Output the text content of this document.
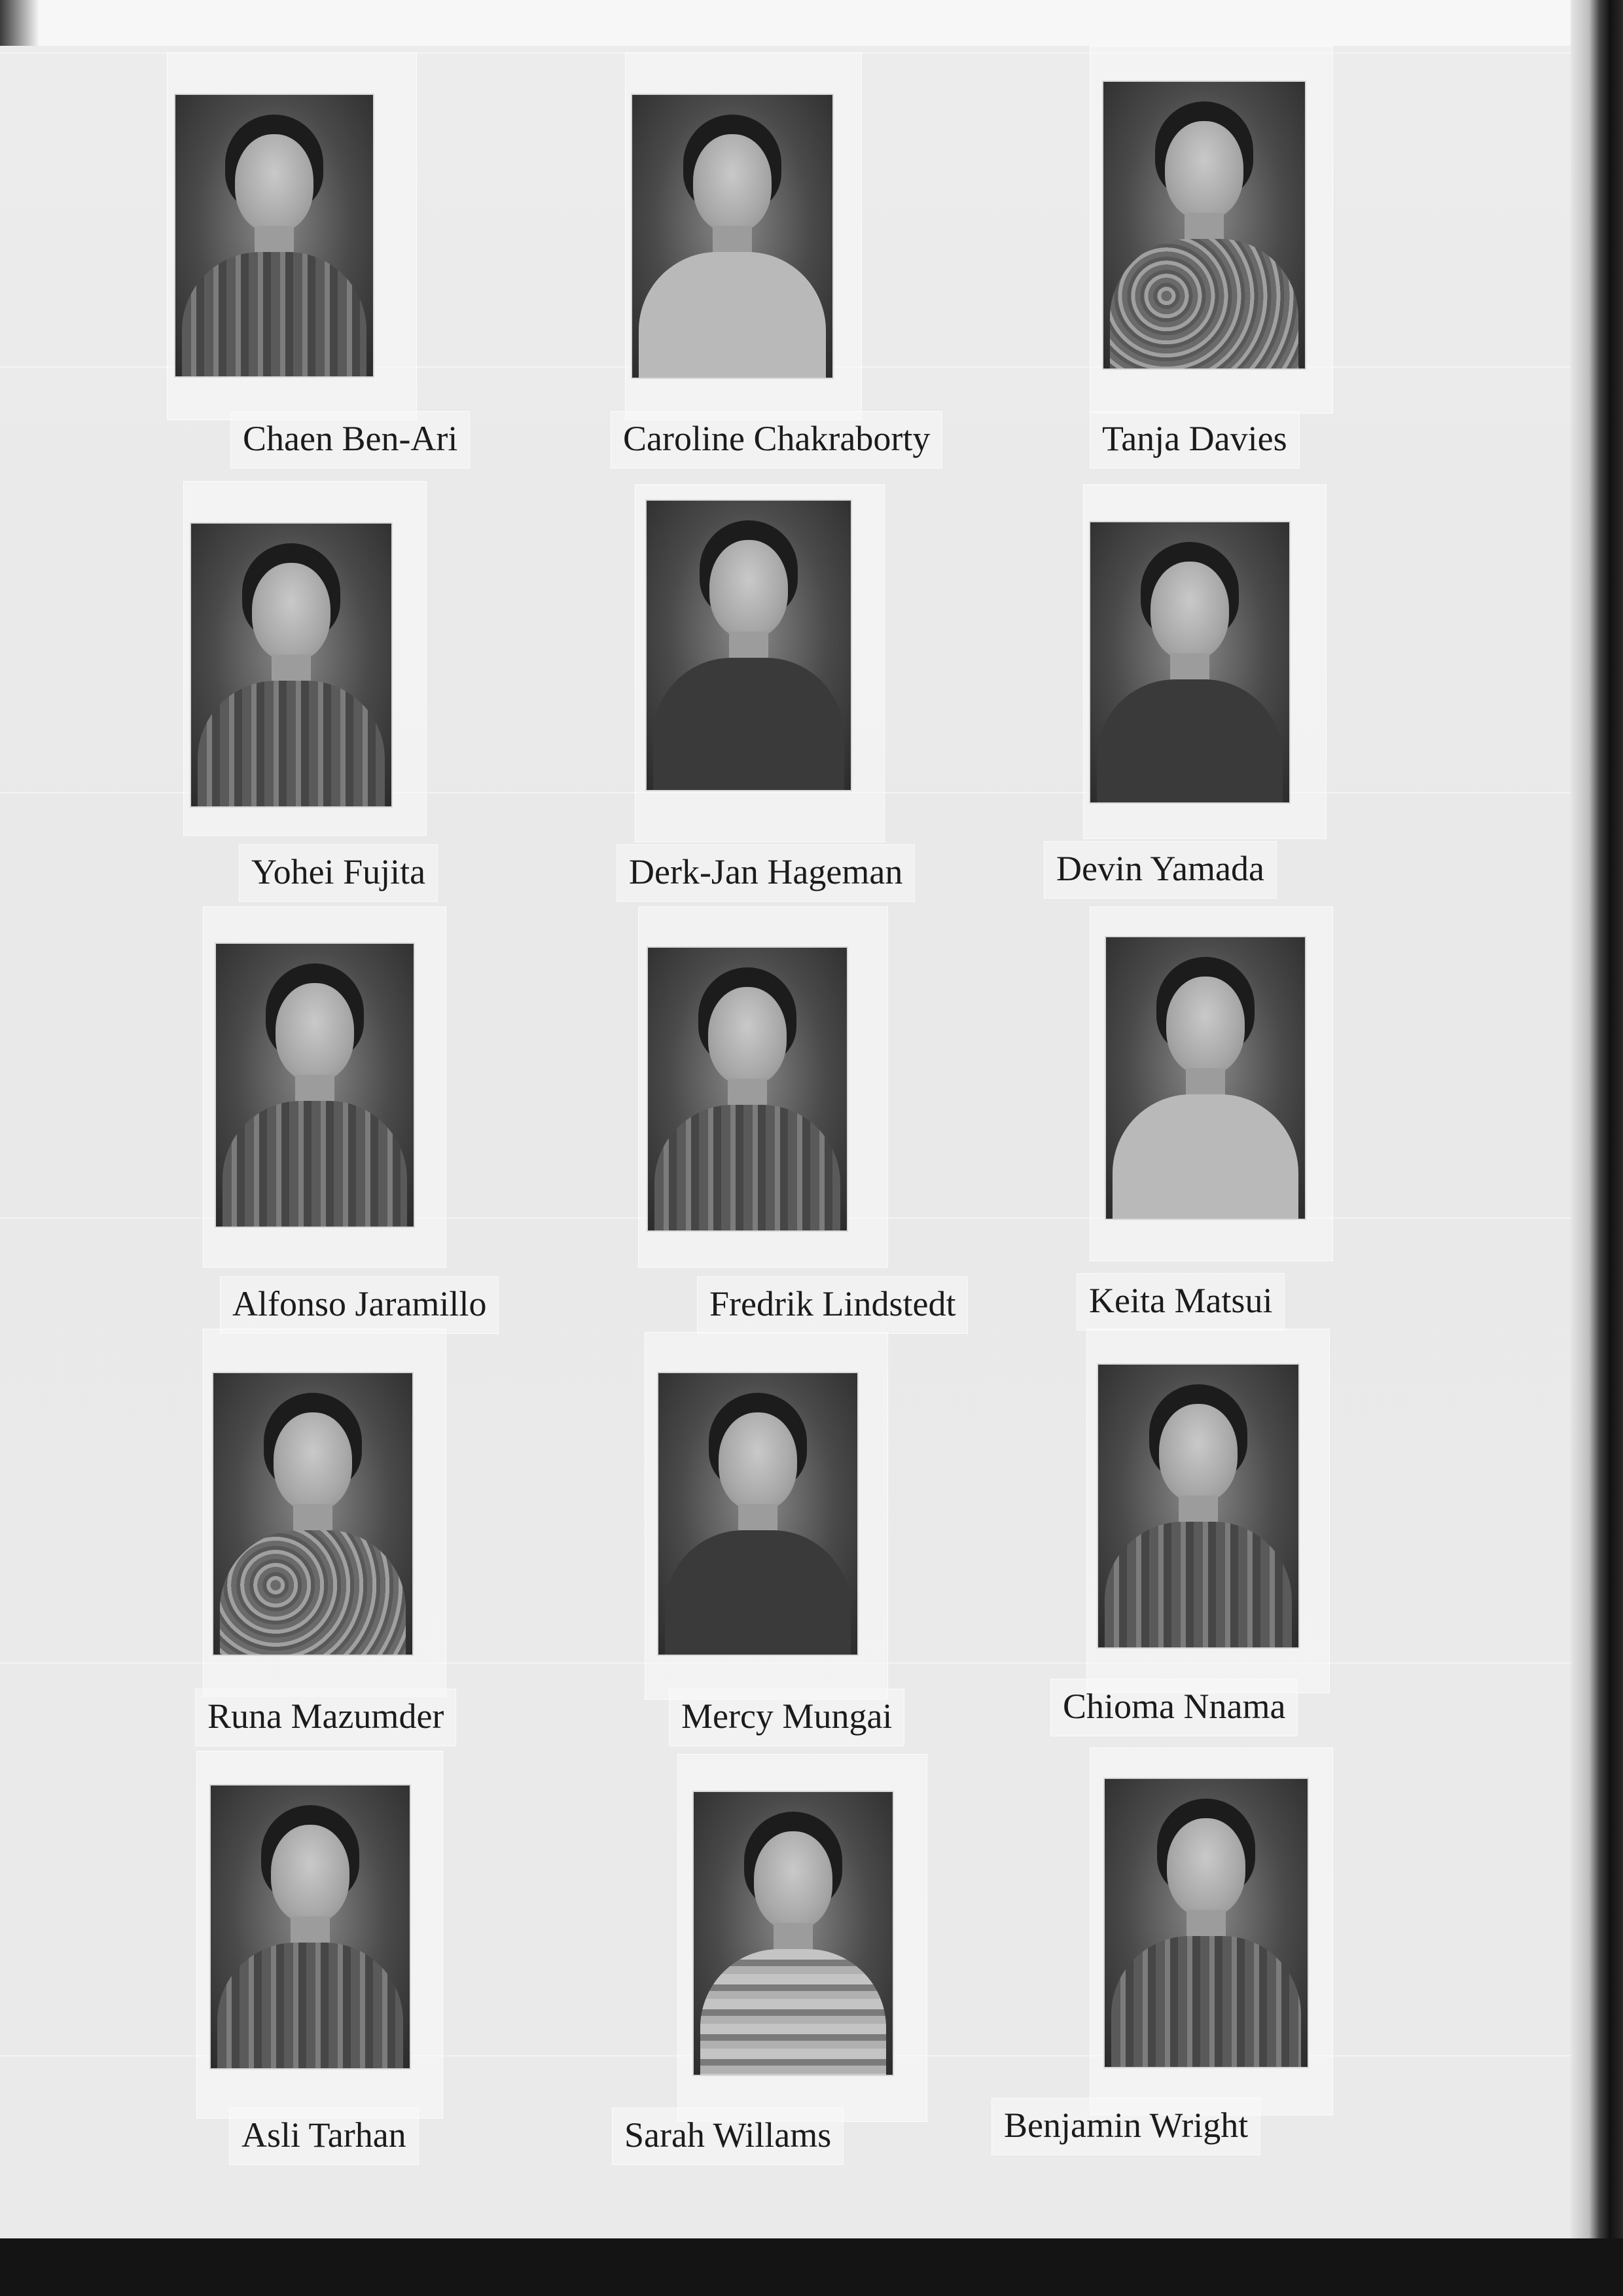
Chaen Ben-Ari	Caroline Chakraborty	Tanja Davies
Yohei Fujita	Derk-Jan Hageman	Devin Yamada
Alfonso Jaramillo	Fredrik Lindstedt	Keita Matsui
Runa Mazumder	Mercy Mungai	Chioma Nnama
Asli Tarhan	Sarah Willams	Benjamin Wright
